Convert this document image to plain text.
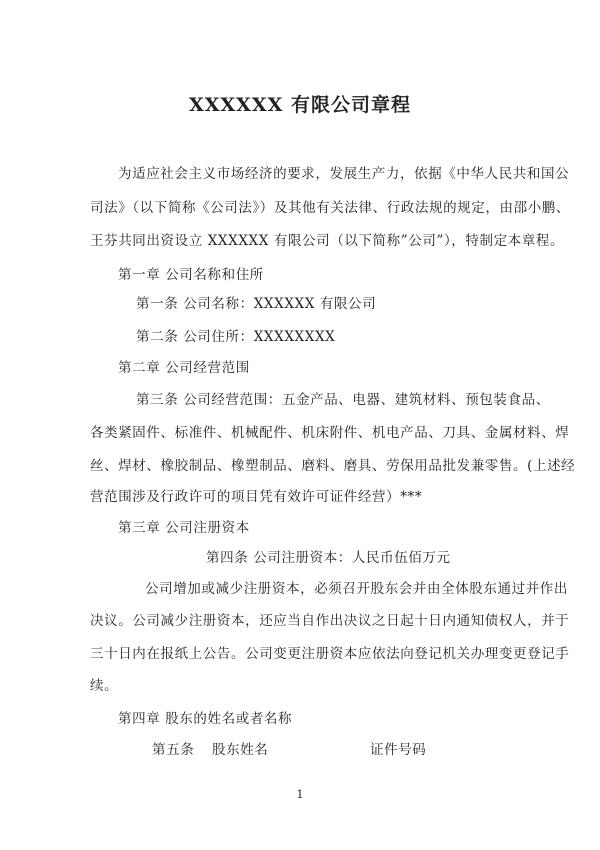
XXXXXX 有限公司章程

为适应社会主义市场经济的要求，发展生产力，依据《中华人民共和国公

司法》（以下简称《公司法》）及其他有关法律、行政法规的规定，由邵小鹏、

王芬共同出资设立 XXXXXX 有限公司（以下简称”公司”），特制定本章程。

第一章 公司名称和住所

第一条 公司名称：XXXXXX 有限公司

第二条 公司住所：XXXXXXXX

第二章 公司经营范围

第三条 公司经营范围：五金产品、电器、建筑材料、预包装食品、

各类紧固件、标准件、机械配件、机床附件、机电产品、刀具、金属材料、焊

丝、焊材、橡胶制品、橡塑制品、磨料、磨具、劳保用品批发兼零售。(上述经

营范围涉及行政许可的项目凭有效许可证件经营）***

第三章 公司注册资本

第四条 公司注册资本：人民币伍佰万元

公司增加或减少注册资本，必须召开股东会并由全体股东通过并作出

决议。公司减少注册资本，还应当自作出决议之日起十日内通知债权人，并于

三十日内在报纸上公告。公司变更注册资本应依法向登记机关办理变更登记手

续。

第四章 股东的姓名或者名称

第五条 股东姓名	证件号码
1
